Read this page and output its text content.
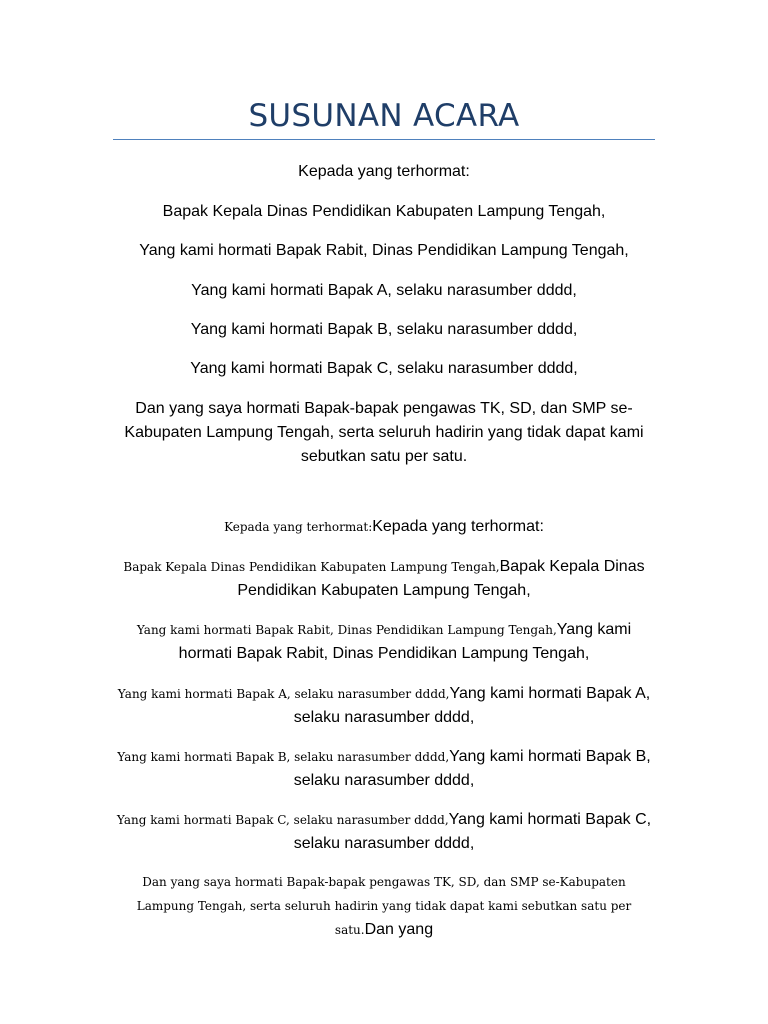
SUSUNAN ACARA

Kepada yang terhormat:

Bapak Kepala Dinas Pendidikan Kabupaten Lampung Tengah,

Yang kami hormati Bapak Rabit, Dinas Pendidikan Lampung Tengah,

Yang kami hormati Bapak A, selaku narasumber dddd,

Yang kami hormati Bapak B, selaku narasumber dddd,

Yang kami hormati Bapak C, selaku narasumber dddd,

Dan yang saya hormati Bapak-bapak pengawas TK, SD, dan SMP se-Kabupaten Lampung Tengah, serta seluruh hadirin yang tidak dapat kami sebutkan satu per satu.

Kepada yang terhormat:Kepada yang terhormat:

Bapak Kepala Dinas Pendidikan Kabupaten Lampung Tengah,Bapak Kepala Dinas Pendidikan Kabupaten Lampung Tengah,

Yang kami hormati Bapak Rabit, Dinas Pendidikan Lampung Tengah,Yang kami hormati Bapak Rabit, Dinas Pendidikan Lampung Tengah,

Yang kami hormati Bapak A, selaku narasumber dddd,Yang kami hormati Bapak A, selaku narasumber dddd,

Yang kami hormati Bapak B, selaku narasumber dddd,Yang kami hormati Bapak B, selaku narasumber dddd,

Yang kami hormati Bapak C, selaku narasumber dddd,Yang kami hormati Bapak C, selaku narasumber dddd,

Dan yang saya hormati Bapak-bapak pengawas TK, SD, dan SMP se-Kabupaten Lampung Tengah, serta seluruh hadirin yang tidak dapat kami sebutkan satu per satu.Dan yang
